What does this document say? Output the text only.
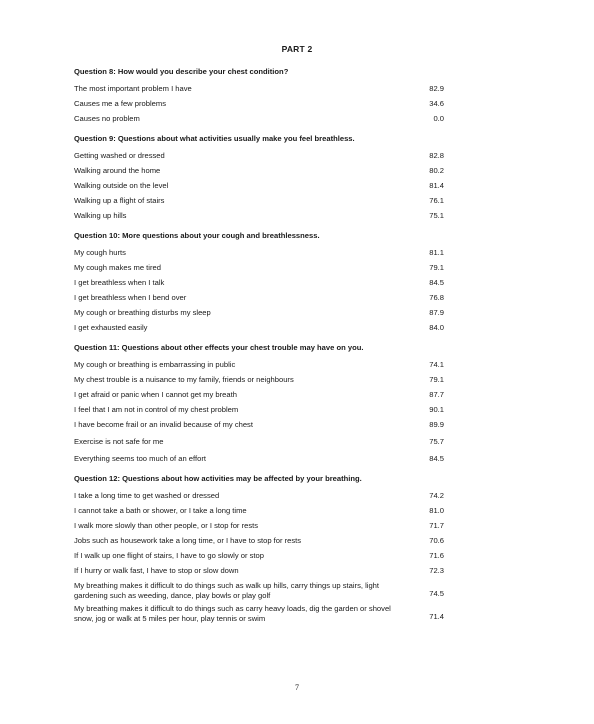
PART 2
Question 8: How would you describe your chest condition?
The most important problem I have	82.9
Causes me a few problems	34.6
Causes no problem	0.0
Question 9: Questions about what activities usually make you feel breathless.
Getting washed or dressed	82.8
Walking around the home	80.2
Walking outside on the level	81.4
Walking up a flight of stairs	76.1
Walking up hills	75.1
Question 10: More questions about your cough and breathlessness.
My cough hurts	81.1
My cough makes me tired	79.1
I get breathless when I talk	84.5
I get breathless when I bend over	76.8
My cough or breathing disturbs my sleep	87.9
I get exhausted easily	84.0
Question 11: Questions about other effects your chest trouble may have on you.
My cough or breathing is embarrassing in public	74.1
My chest trouble is a nuisance to my family, friends or neighbours	79.1
I get afraid or panic when I cannot get my breath	87.7
I feel that I am not in control of my chest problem	90.1
I have become frail or an invalid because of my chest	89.9
Exercise is not safe for me	75.7
Everything seems too much of an effort	84.5
Question 12: Questions about how activities may be affected by your breathing.
I take a long time to get washed or dressed	74.2
I cannot take a bath or shower, or I take a long time	81.0
I walk more slowly than other people, or I stop for rests	71.7
Jobs such as housework take a long time, or I have to stop for rests	70.6
If I walk up one flight of stairs, I have to go slowly or stop	71.6
If I hurry or walk fast, I have to stop or slow down	72.3
My breathing makes it difficult to do things such as walk up hills, carry things up stairs, light gardening such as weeding, dance, play bowls or play golf	74.5
My breathing makes it difficult to do things such as carry heavy loads, dig the garden or shovel snow, jog or walk at 5 miles per hour, play tennis or swim	71.4
7
